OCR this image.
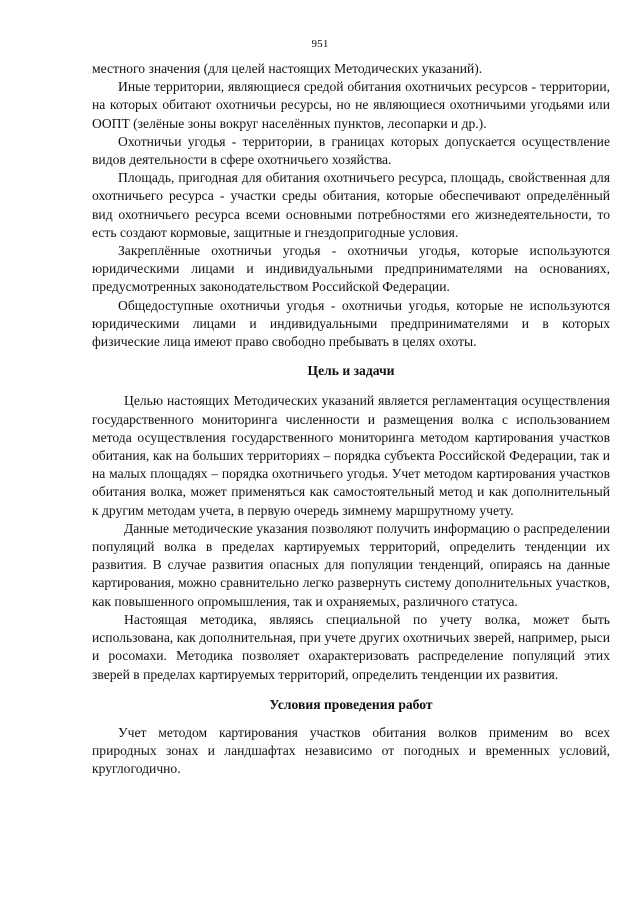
951

местного значения (для целей настоящих Методических указаний).

Иные территории, являющиеся средой обитания охотничьих ресурсов - территории, на которых обитают охотничьи ресурсы, но не являющиеся охотничьими угодьями или ООПТ (зелёные зоны вокруг населённых пунктов, лесопарки и др.).

Охотничьи угодья - территории, в границах которых допускается осуществление видов деятельности в сфере охотничьего хозяйства.

Площадь, пригодная для обитания охотничьего ресурса, площадь, свойственная для охотничьего ресурса - участки среды обитания, которые обеспечивают определённый вид охотничьего ресурса всеми основными потребностями его жизнедеятельности, то есть создают кормовые, защитные и гнездопригодные условия.

Закреплённые охотничьи угодья - охотничьи угодья, которые используются юридическими лицами и индивидуальными предпринимателями на основаниях, предусмотренных законодательством Российской Федерации.

Общедоступные охотничьи угодья - охотничьи угодья, которые не используются юридическими лицами и индивидуальными предпринимателями и в которых физические лица имеют право свободно пребывать в целях охоты.

Цель и задачи

Целью настоящих Методических указаний является регламентация осуществления государственного мониторинга численности и размещения волка с использованием метода осуществления государственного мониторинга методом картирования участков обитания, как на больших территориях – порядка субъекта Российской Федерации, так и на малых площадях – порядка охотничьего угодья. Учет методом картирования участков обитания волка, может применяться как самостоятельный метод и как дополнительный к другим методам учета, в первую очередь зимнему маршрутному учету.

Данные методические указания позволяют получить информацию о распределении популяций волка в пределах картируемых территорий, определить тенденции их развития. В случае развития опасных для популяции тенденций, опираясь на данные картирования, можно сравнительно легко развернуть систему дополнительных участков, как повышенного опромышления, так и охраняемых, различного статуса.

Настоящая методика, являясь специальной по учету волка, может быть использована, как дополнительная, при учете других охотничьих зверей, например, рыси и росомахи. Методика позволяет охарактеризовать распределение популяций этих зверей в пределах картируемых территорий, определить тенденции их развития.

Условия проведения работ

Учет методом картирования участков обитания волков применим во всех природных зонах и ландшафтах независимо от погодных и временных условий, круглогодично.
